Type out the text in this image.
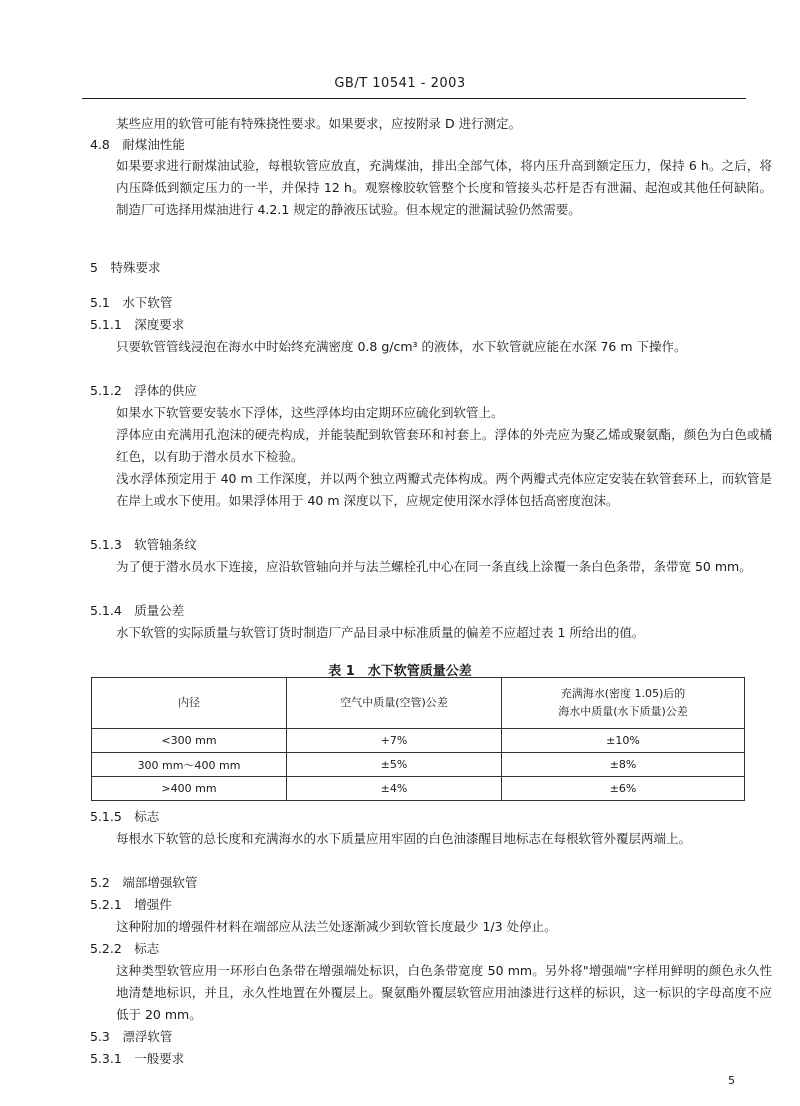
GB/T 10541 - 2003
某些应用的软管可能有特殊挠性要求。如果要求，应按附录 D 进行测定。
4.8　耐煤油性能
如果要求进行耐煤油试验，每根软管应放直，充满煤油，排出全部气体，将内压升高到额定压力，保持 6 h。之后，将内压降低到额定压力的一半，并保持 12 h。观察橡胶软管整个长度和管接头芯杆是否有泄漏、起泡或其他任何缺陷。制造厂可选择用煤油进行 4.2.1 规定的静液压试验。但本规定的泄漏试验仍然需要。
5　特殊要求
5.1　水下软管
5.1.1　深度要求
只要软管管线浸泡在海水中时始终充满密度 0.8 g/cm³ 的液体，水下软管就应能在水深 76 m 下操作。
5.1.2　浮体的供应
如果水下软管要安装水下浮体，这些浮体均由定期环应硫化到软管上。
浮体应由充满用孔泡沫的硬壳构成，并能装配到软管套环和衬套上。浮体的外壳应为聚乙烯或聚氨酯，颜色为白色或橘红色，以有助于潜水员水下检验。
浅水浮体预定用于 40 m 工作深度，并以两个独立两瓣式壳体构成。两个两瓣式壳体应定安装在软管套环上，而软管是在岸上或水下使用。如果浮体用于 40 m 深度以下，应规定使用深水浮体包括高密度泡沫。
5.1.3　软管轴条纹
为了便于潜水员水下连接，应沿软管轴向并与法兰螺栓孔中心在同一条直线上涂覆一条白色条带，条带宽 50 mm。
5.1.4　质量公差
水下软管的实际质量与软管订货时制造厂产品目录中标准质量的偏差不应超过表 1 所给出的值。
表 1　水下软管质量公差
内径	空气中质量(空管)公差	充满海水(密度 1.05)后的
海水中质量(水下质量)公差

<300 mm	+7%	±10%
300 mm～400 mm	±5%	±8%
>400 mm	±4%	±6%
5.1.5　标志
每根水下软管的总长度和充满海水的水下质量应用牢固的白色油漆醒目地标志在每根软管外覆层两端上。
5.2　端部增强软管
5.2.1　增强件
这种附加的增强件材料在端部应从法兰处逐渐减少到软管长度最少 1/3 处停止。
5.2.2　标志
这种类型软管应用一环形白色条带在增强端处标识，白色条带宽度 50 mm。另外将"增强端"字样用鲜明的颜色永久性地清楚地标识，并且，永久性地置在外覆层上。聚氨酯外覆层软管应用油漆进行这样的标识，这一标识的字母高度不应低于 20 mm。
5.3　漂浮软管
5.3.1　一般要求
5
